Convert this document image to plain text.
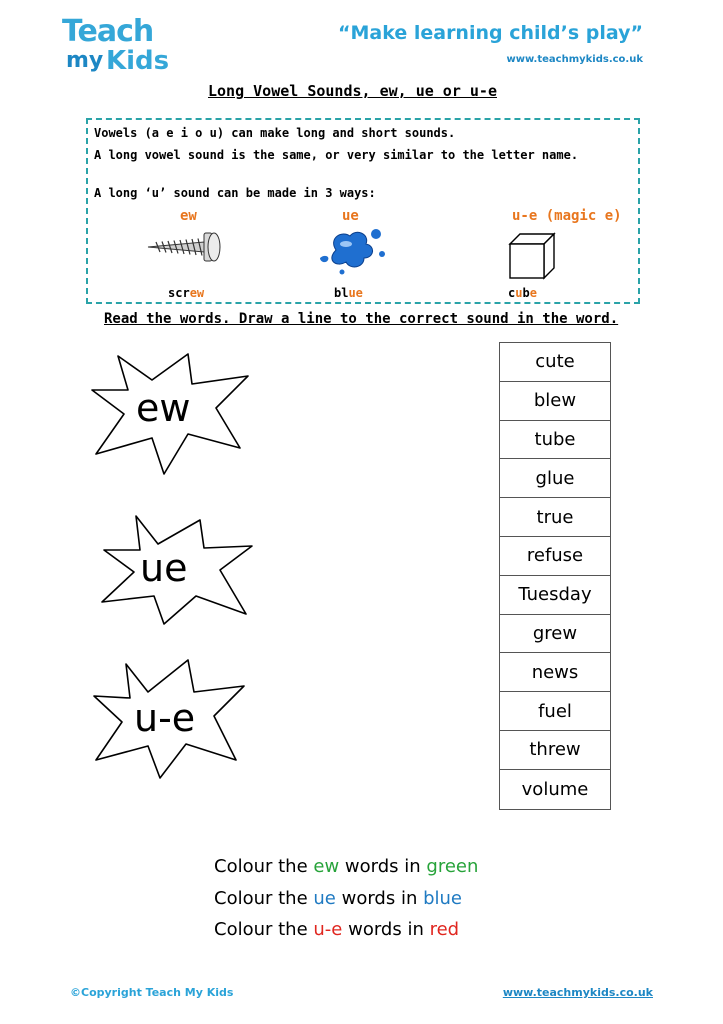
Teach
my Kids
“Make learning child’s play”
www.teachmykids.co.uk
Long Vowel Sounds, ew, ue or u-e
Vowels (a e i o u) can make long and short sounds.
A long vowel sound is the same, or very similar to the letter name.
A long ‘u’ sound can be made in 3 ways:
ew	ue	u-e (magic e)
screw	blue	cube
Read the words. Draw a line to the correct sound in the word.
ew
ue
u-e
cute
blew
tube
glue
true
refuse
Tuesday
grew
news
fuel
threw
volume
Colour the ew words in green
Colour the ue words in blue
Colour the u-e words in red
©Copyright Teach My Kids	www.teachmykids.co.uk
